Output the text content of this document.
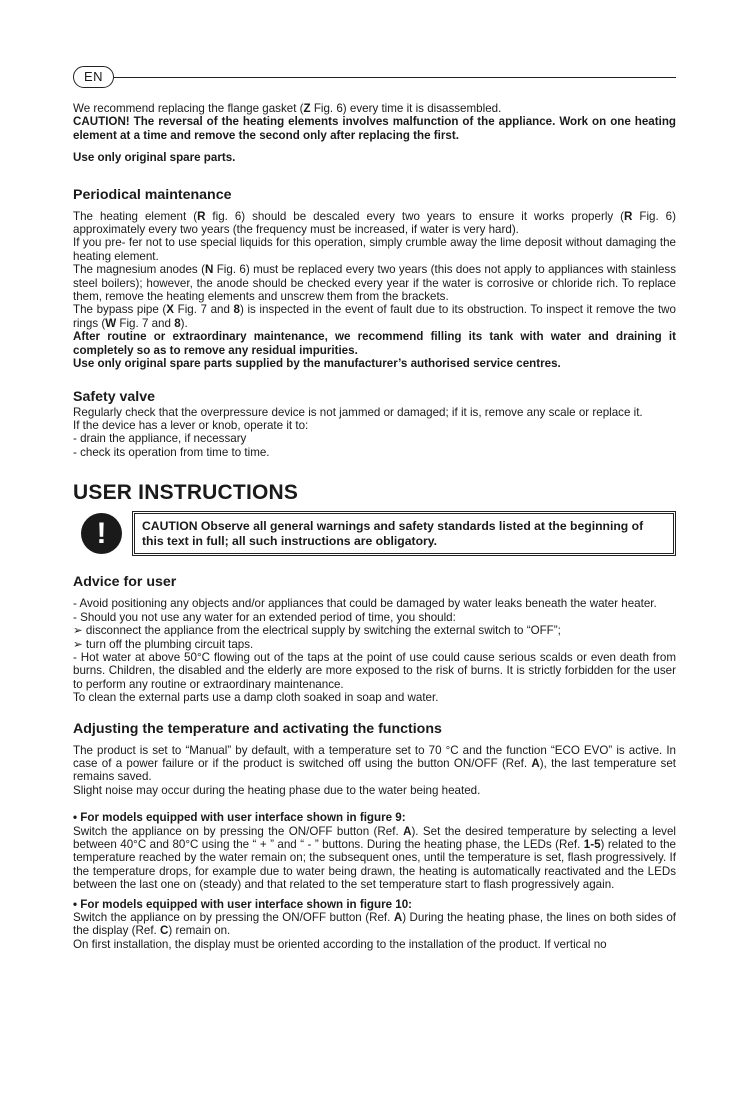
EN

We recommend replacing the flange gasket (Z Fig. 6) every time it is disassembled.

CAUTION! The reversal of the heating elements involves malfunction of the appliance. Work on one heating element at a time and remove the second only after replacing the first.

Use only original spare parts.

Periodical maintenance

The heating element (R fig. 6) should be descaled every two years to ensure it works properly (R Fig. 6) approximately every two years (the frequency must be increased, if water is very hard).

If you pre- fer not to use special liquids for this operation, simply crumble away the lime deposit without damaging the heating element.

The magnesium anodes (N Fig. 6) must be replaced every two years (this does not apply to appliances with stainless steel boilers); however, the anode should be checked every year if the water is corrosive or chloride rich. To replace them, remove the heating elements and unscrew them from the brackets.

The bypass pipe (X Fig. 7 and 8) is inspected in the event of fault due to its obstruction. To inspect it remove the two rings (W Fig. 7 and 8).

After routine or extraordinary maintenance, we recommend filling its tank with water and draining it completely so as to remove any residual impurities.

Use only original spare parts supplied by the manufacturer’s authorised service centres.

Safety valve

Regularly check that the overpressure device is not jammed or damaged; if it is, remove any scale or replace it.

If the device has a lever or knob, operate it to:

- drain the appliance, if necessary

- check its operation from time to time.

USER INSTRUCTIONS
!	CAUTION Observe all general warnings and safety standards listed at the beginning of this text in full; all such instructions are obligatory.
Advice for user

- Avoid positioning any objects and/or appliances that could be damaged by water leaks beneath the water heater.

- Should you not use any water for an extended period of time, you should:

➢ disconnect the appliance from the electrical supply by switching the external switch to “OFF”;

➢ turn off the plumbing circuit taps.

- Hot water at above 50°C flowing out of the taps at the point of use could cause serious scalds or even death from burns. Children, the disabled and the elderly are more exposed to the risk of burns. It is strictly forbidden for the user to perform any routine or extraordinary maintenance.

To clean the external parts use a damp cloth soaked in soap and water.

Adjusting the temperature and activating the functions

The product is set to “Manual” by default, with a temperature set to 70 °C and the function “ECO EVO” is active. In case of a power failure or if the product is switched off using the button ON/OFF (Ref. A), the last temperature set remains saved.

Slight noise may occur during the heating phase due to the water being heated.

• For models equipped with user interface shown in figure 9:

Switch the appliance on by pressing the ON/OFF button (Ref. A). Set the desired temperature by selecting a level between 40°C and 80°C using the “ + ” and “ - ” buttons. During the heating phase, the LEDs (Ref. 1-5) related to the temperature reached by the water remain on; the subsequent ones, until the temperature is set, flash progressively. If the temperature drops, for example due to water being drawn, the heating is automatically reactivated and the LEDs between the last one on (steady) and that related to the set temperature start to flash progressively again.

• For models equipped with user interface shown in figure 10:

Switch the appliance on by pressing the ON/OFF button (Ref. A) During the heating phase, the lines on both sides of the display (Ref. C) remain on.

On first installation, the display must be oriented according to the installation of the product. If vertical no
